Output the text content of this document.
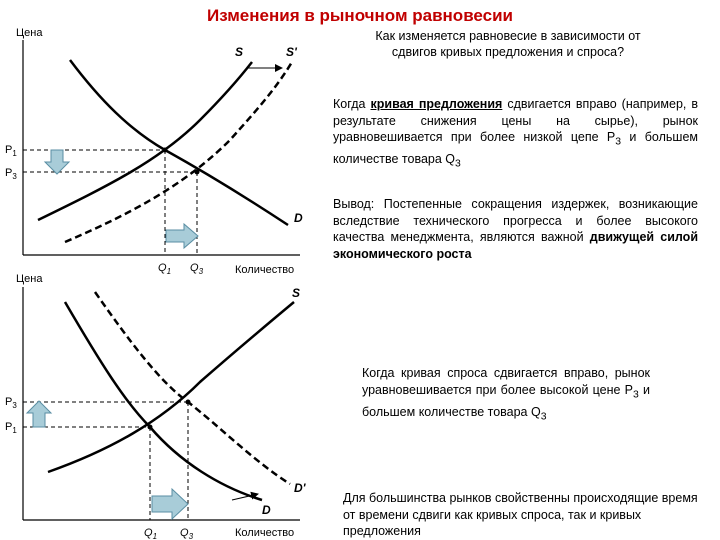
Изменения в рыночном равновесии
Цена
Количество
S	S'
D
$P_1$
$P_3$
$Q_1$ $Q_3$
Цена
Количество
S
D
D'
$P_3$
$P_1$
$Q_1$ $Q_3$
Как изменяется равновесие в зависимости от сдвигов кривых предложения и спроса?
Когда кривая предложения сдвигается вправо (например, в результате снижения цены на сырье), рынок уравновешивается при более низкой цепе $Р_3$ и большем количестве товара $Q_3$
Вывод: Постепенные сокращения издержек, возникающие вследствие технического прогресса и более высокого качества менеджмента, являются важной движущей силой экономического роста
Когда кривая спроса сдвигается вправо, рынок уравновешивается при более высокой цене $Р_3$ и большем количестве товара $Q_3$
Для большинства рынков свойственны происходящие время от времени сдвиги как кривых спроса, так и кривых предложения
